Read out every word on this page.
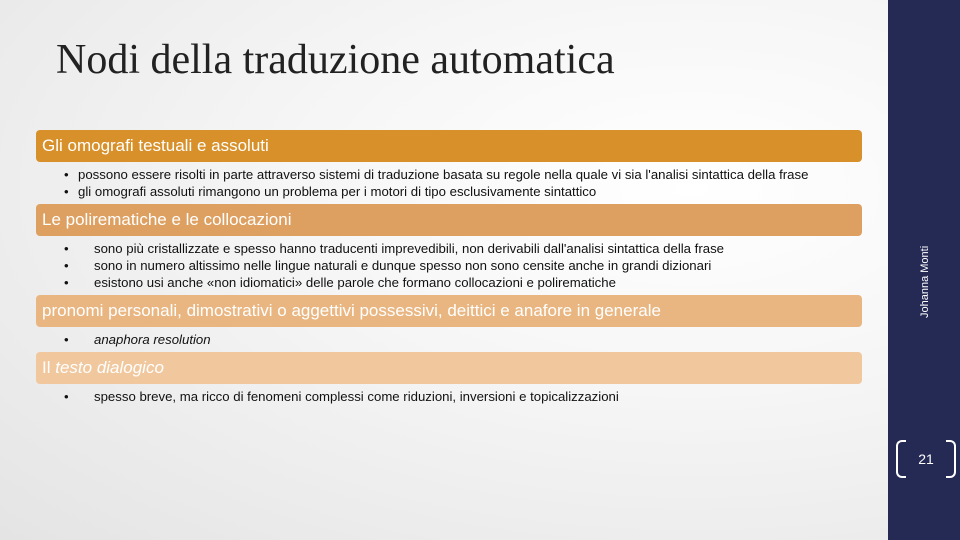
Nodi della traduzione automatica
Johanna Monti
21
Gli omografi testuali e assoluti
• possono essere risolti in parte attraverso sistemi di traduzione basata su regole nella quale vi sia l'analisi sintattica della frase
• gli omografi assoluti rimangono un problema per i motori di tipo esclusivamente sintattico
Le polirematiche e le collocazioni
• sono più cristallizzate e spesso hanno traducenti imprevedibili, non derivabili dall'analisi sintattica della frase
• sono in numero altissimo nelle lingue naturali e dunque spesso non sono censite anche in grandi dizionari
• esistono usi anche «non idiomatici» delle parole che formano collocazioni e polirematiche
pronomi personali, dimostrativi o aggettivi possessivi, deittici e anafore in generale
• anaphora resolution
Il testo dialogico
• spesso breve, ma ricco di fenomeni complessi come riduzioni, inversioni e topicalizzazioni
